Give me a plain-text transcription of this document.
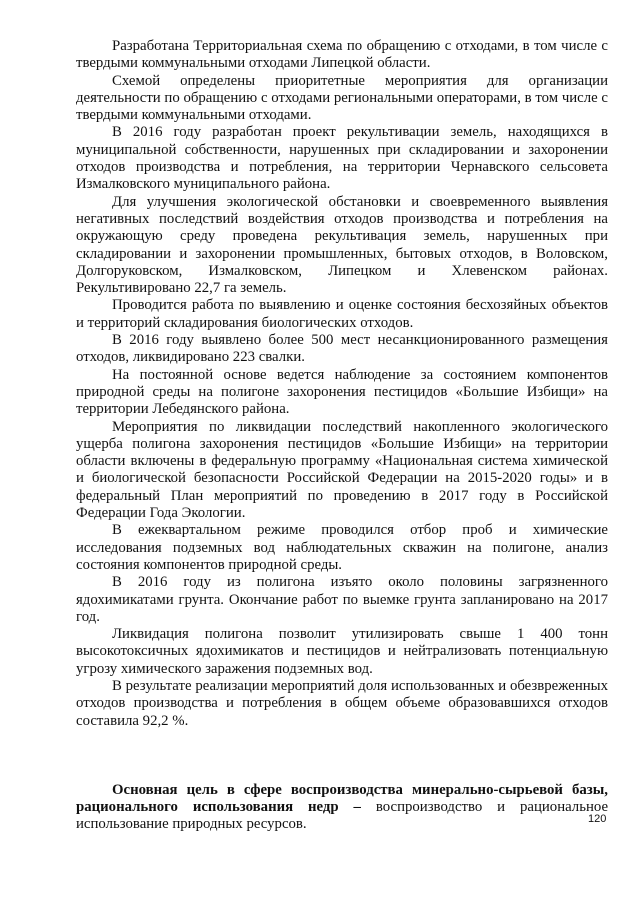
Разработана Территориальная схема по обращению с отходами, в том числе с твердыми коммунальными отходами Липецкой области.

Схемой определены приоритетные мероприятия для организации деятельности по обращению с отходами региональными операторами, в том числе с твердыми коммунальными отходами.

В 2016 году разработан проект рекультивации земель, находящихся в муниципальной собственности, нарушенных при складировании и захоронении отходов производства и потребления, на территории Чернавского сельсовета Измалковского муниципального района.

Для улучшения экологической обстановки и своевременного выявления негативных последствий воздействия отходов производства и потребления на окружающую среду проведена рекультивация земель, нарушенных при складировании и захоронении промышленных, бытовых отходов, в Воловском, Долгоруковском, Измалковском, Липецком и Хлевенском районах. Рекультивировано 22,7 га земель.

Проводится работа по выявлению и оценке состояния бесхозяйных объектов и территорий складирования биологических отходов.

В 2016 году выявлено более 500 мест несанкционированного размещения отходов, ликвидировано 223 свалки.

На постоянной основе ведется наблюдение за состоянием компонентов природной среды на полигоне захоронения пестицидов «Большие Избищи» на территории Лебедянского района.

Мероприятия по ликвидации последствий накопленного экологического ущерба полигона захоронения пестицидов «Большие Избищи» на территории области включены в федеральную программу «Национальная система химической и биологической безопасности Российской Федерации на 2015-2020 годы» и в федеральный План мероприятий по проведению в 2017 году в Российской Федерации Года Экологии.

В ежеквартальном режиме проводился отбор проб и химические исследования подземных вод наблюдательных скважин на полигоне, анализ состояния компонентов природной среды.

В 2016 году из полигона изъято около половины загрязненного ядохимикатами грунта. Окончание работ по выемке грунта запланировано на 2017 год.

Ликвидация полигона позволит утилизировать свыше 1 400 тонн высокотоксичных ядохимикатов и пестицидов и нейтрализовать потенциальную угрозу химического заражения подземных вод.

В результате реализации мероприятий доля использованных и обезвреженных отходов производства и потребления в общем объеме образовавшихся отходов составила 92,2 %.

Основная цель в сфере воспроизводства минерально-сырьевой базы, рационального использования недр – воспроизводство и рациональное использование природных ресурсов.	120
